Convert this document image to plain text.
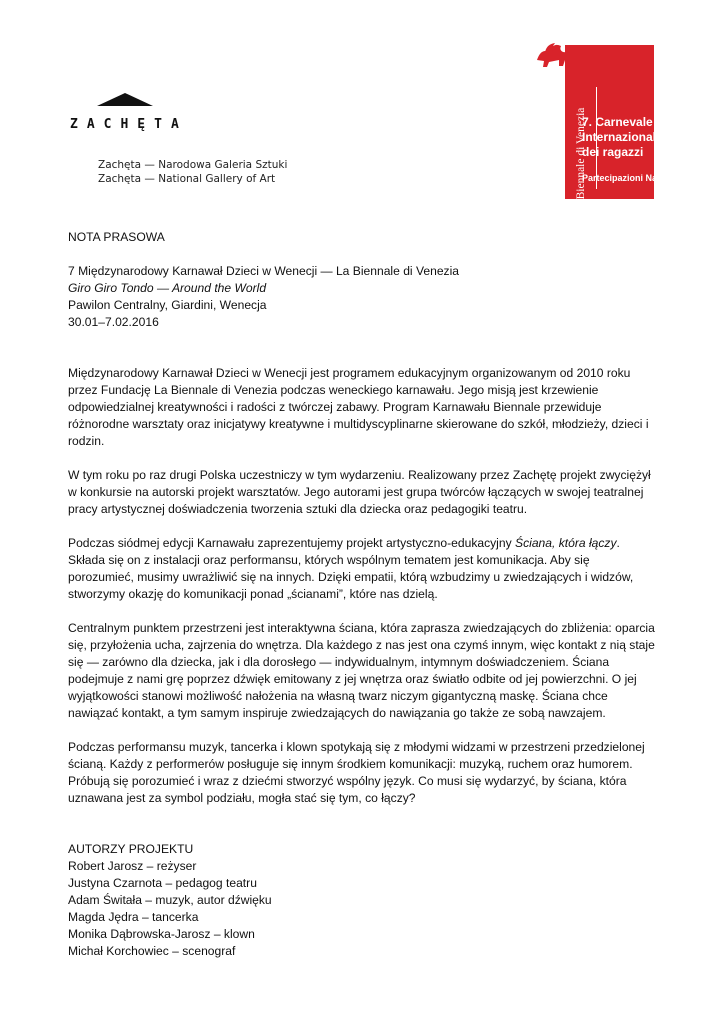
ZACHĘTA
Zachęta — Narodowa Galeria Sztuki
Zachęta — National Gallery of Art	La Biennale di Venezia
7. Carnevale
Internazionale
dei ragazzi
Partecipazioni Nazionali

NOTA PRASOWA

7 Międzynarodowy Karnawał Dzieci w Wenecji — La Biennale di Venezia

Giro Giro Tondo — Around the World

Pawilon Centralny, Giardini, Wenecja

30.01–7.02.2016

Międzynarodowy Karnawał Dzieci w Wenecji jest programem edukacyjnym organizowanym od 2010 roku przez Fundację La Biennale di Venezia podczas weneckiego karnawału. Jego misją jest krzewienie odpowiedzialnej kreatywności i radości z twórczej zabawy. Program Karnawału Biennale przewiduje różnorodne warsztaty oraz inicjatywy kreatywne i multidyscyplinarne skierowane do szkół, młodzieży, dzieci i rodzin.

W tym roku po raz drugi Polska uczestniczy w tym wydarzeniu. Realizowany przez Zachętę projekt zwyciężył w konkursie na autorski projekt warsztatów. Jego autorami jest grupa twórców łączących w swojej teatralnej pracy artystycznej doświadczenia tworzenia sztuki dla dziecka oraz pedagogiki teatru.

Podczas siódmej edycji Karnawału zaprezentujemy projekt artystyczno-edukacyjny Ściana, która łączy. Składa się on z instalacji oraz performansu, których wspólnym tematem jest komunikacja. Aby się porozumieć, musimy uwrażliwić się na innych. Dzięki empatii, którą wzbudzimy u zwiedzających i widzów, stworzymy okazję do komunikacji ponad „ścianami”, które nas dzielą.

Centralnym punktem przestrzeni jest interaktywna ściana, która zaprasza zwiedzających do zbliżenia: oparcia się, przyłożenia ucha, zajrzenia do wnętrza. Dla każdego z nas jest ona czymś innym, więc kontakt z nią staje się — zarówno dla dziecka, jak i dla dorosłego — indywidualnym, intymnym doświadczeniem. Ściana podejmuje z nami grę poprzez dźwięk emitowany z jej wnętrza oraz światło odbite od jej powierzchni. O jej wyjątkowości stanowi możliwość nałożenia na własną twarz niczym gigantyczną maskę. Ściana chce nawiązać kontakt, a tym samym inspiruje zwiedzających do nawiązania go także ze sobą nawzajem.

Podczas performansu muzyk, tancerka i klown spotykają się z młodymi widzami w przestrzeni przedzielonej ścianą. Każdy z performerów posługuje się innym środkiem komunikacji: muzyką, ruchem oraz humorem. Próbują się porozumieć i wraz z dziećmi stworzyć wspólny język. Co musi się wydarzyć, by ściana, która uznawana jest za symbol podziału, mogła stać się tym, co łączy?

AUTORZY PROJEKTU

Robert Jarosz – reżyser

Justyna Czarnota – pedagog teatru

Adam Świtała – muzyk, autor dźwięku

Magda Jędra – tancerka

Monika Dąbrowska-Jarosz – klown

Michał Korchowiec – scenograf
